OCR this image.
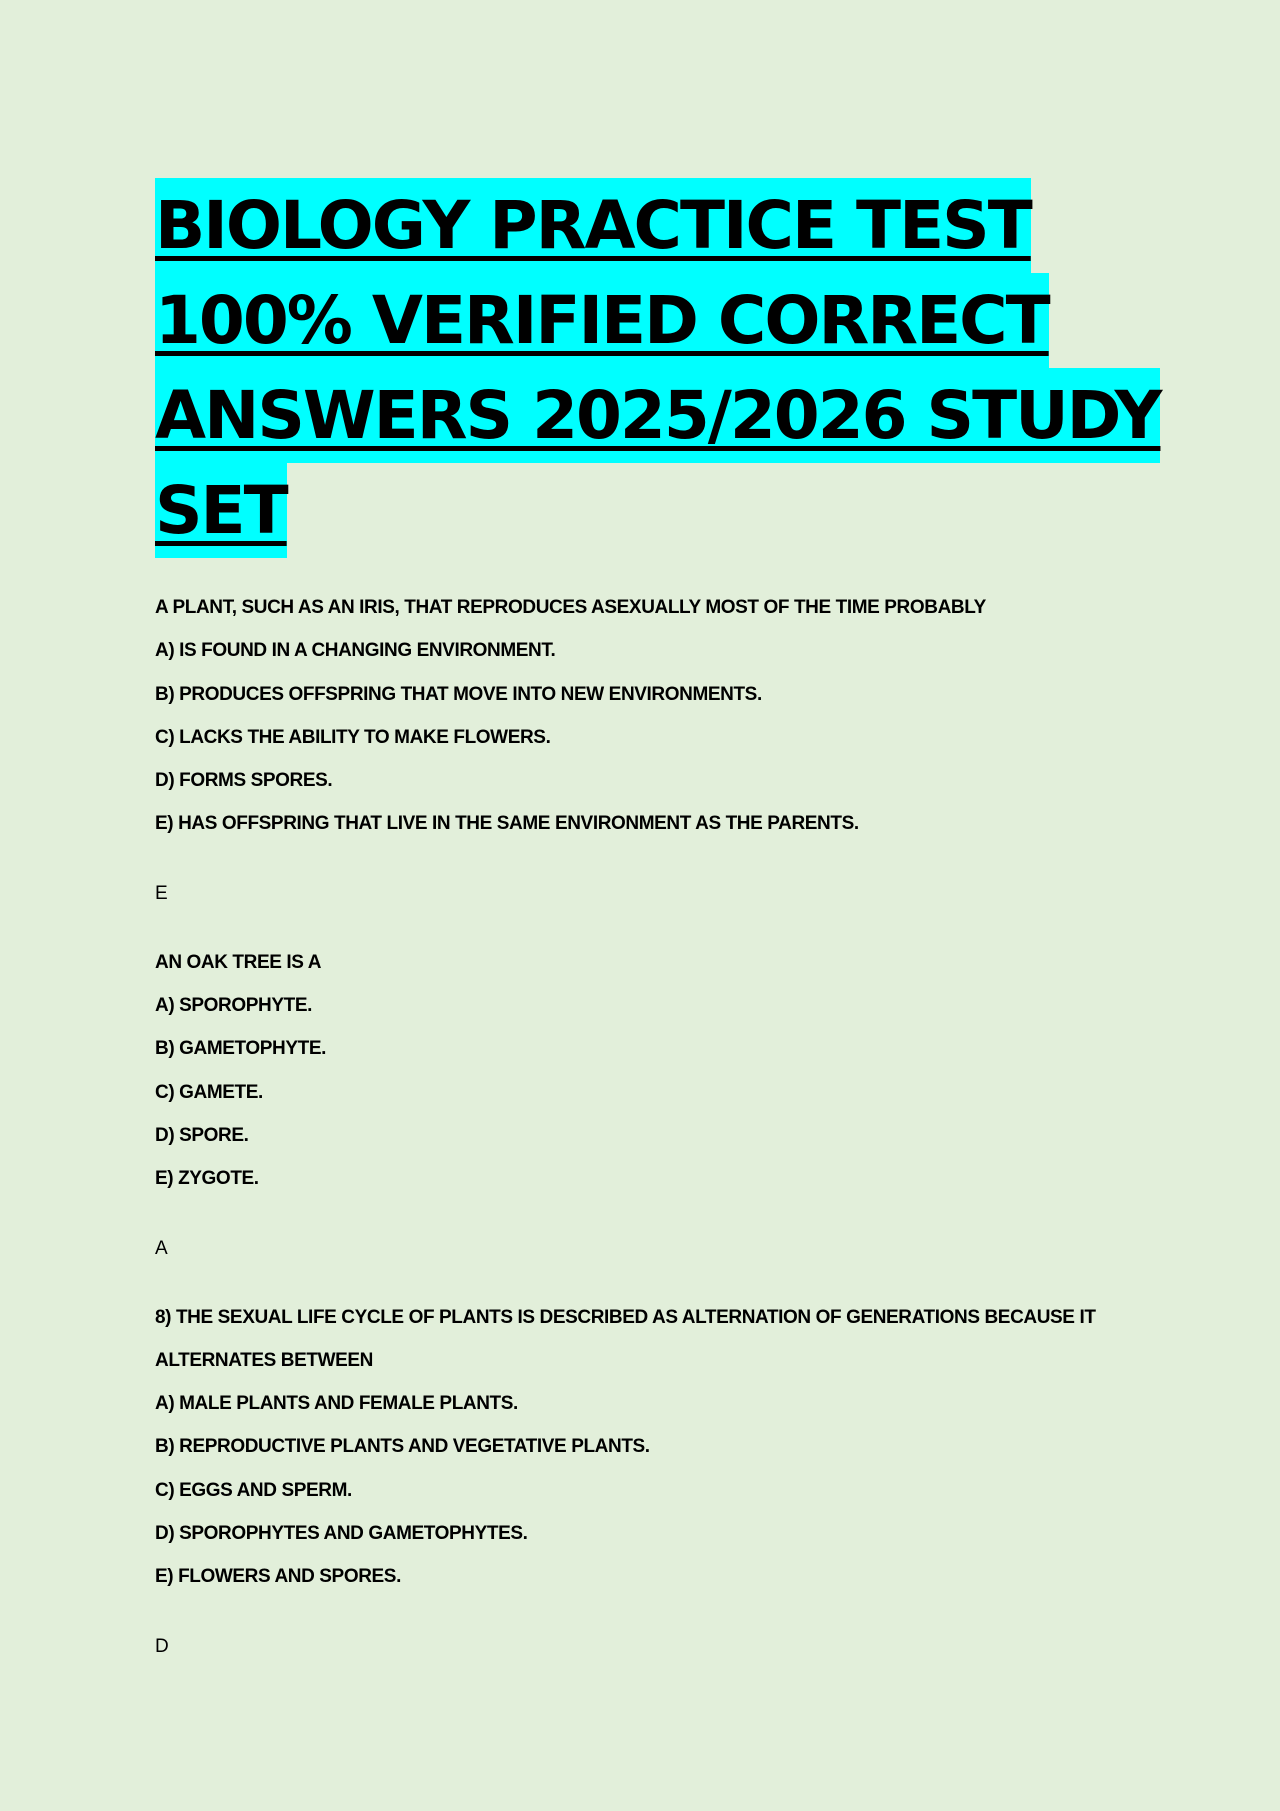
BIOLOGY PRACTICE TEST
100% VERIFIED CORRECT
ANSWERS 2025/2026 STUDY
SET
A PLANT, SUCH AS AN IRIS, THAT REPRODUCES ASEXUALLY MOST OF THE TIME PROBABLY
A) IS FOUND IN A CHANGING ENVIRONMENT.
B) PRODUCES OFFSPRING THAT MOVE INTO NEW ENVIRONMENTS.
C) LACKS THE ABILITY TO MAKE FLOWERS.
D) FORMS SPORES.
E) HAS OFFSPRING THAT LIVE IN THE SAME ENVIRONMENT AS THE PARENTS.
E
AN OAK TREE IS A
A) SPOROPHYTE.
B) GAMETOPHYTE.
C) GAMETE.
D) SPORE.
E) ZYGOTE.
A
8) THE SEXUAL LIFE CYCLE OF PLANTS IS DESCRIBED AS ALTERNATION OF GENERATIONS BECAUSE IT
ALTERNATES BETWEEN
A) MALE PLANTS AND FEMALE PLANTS.
B) REPRODUCTIVE PLANTS AND VEGETATIVE PLANTS.
C) EGGS AND SPERM.
D) SPOROPHYTES AND GAMETOPHYTES.
E) FLOWERS AND SPORES.
D
